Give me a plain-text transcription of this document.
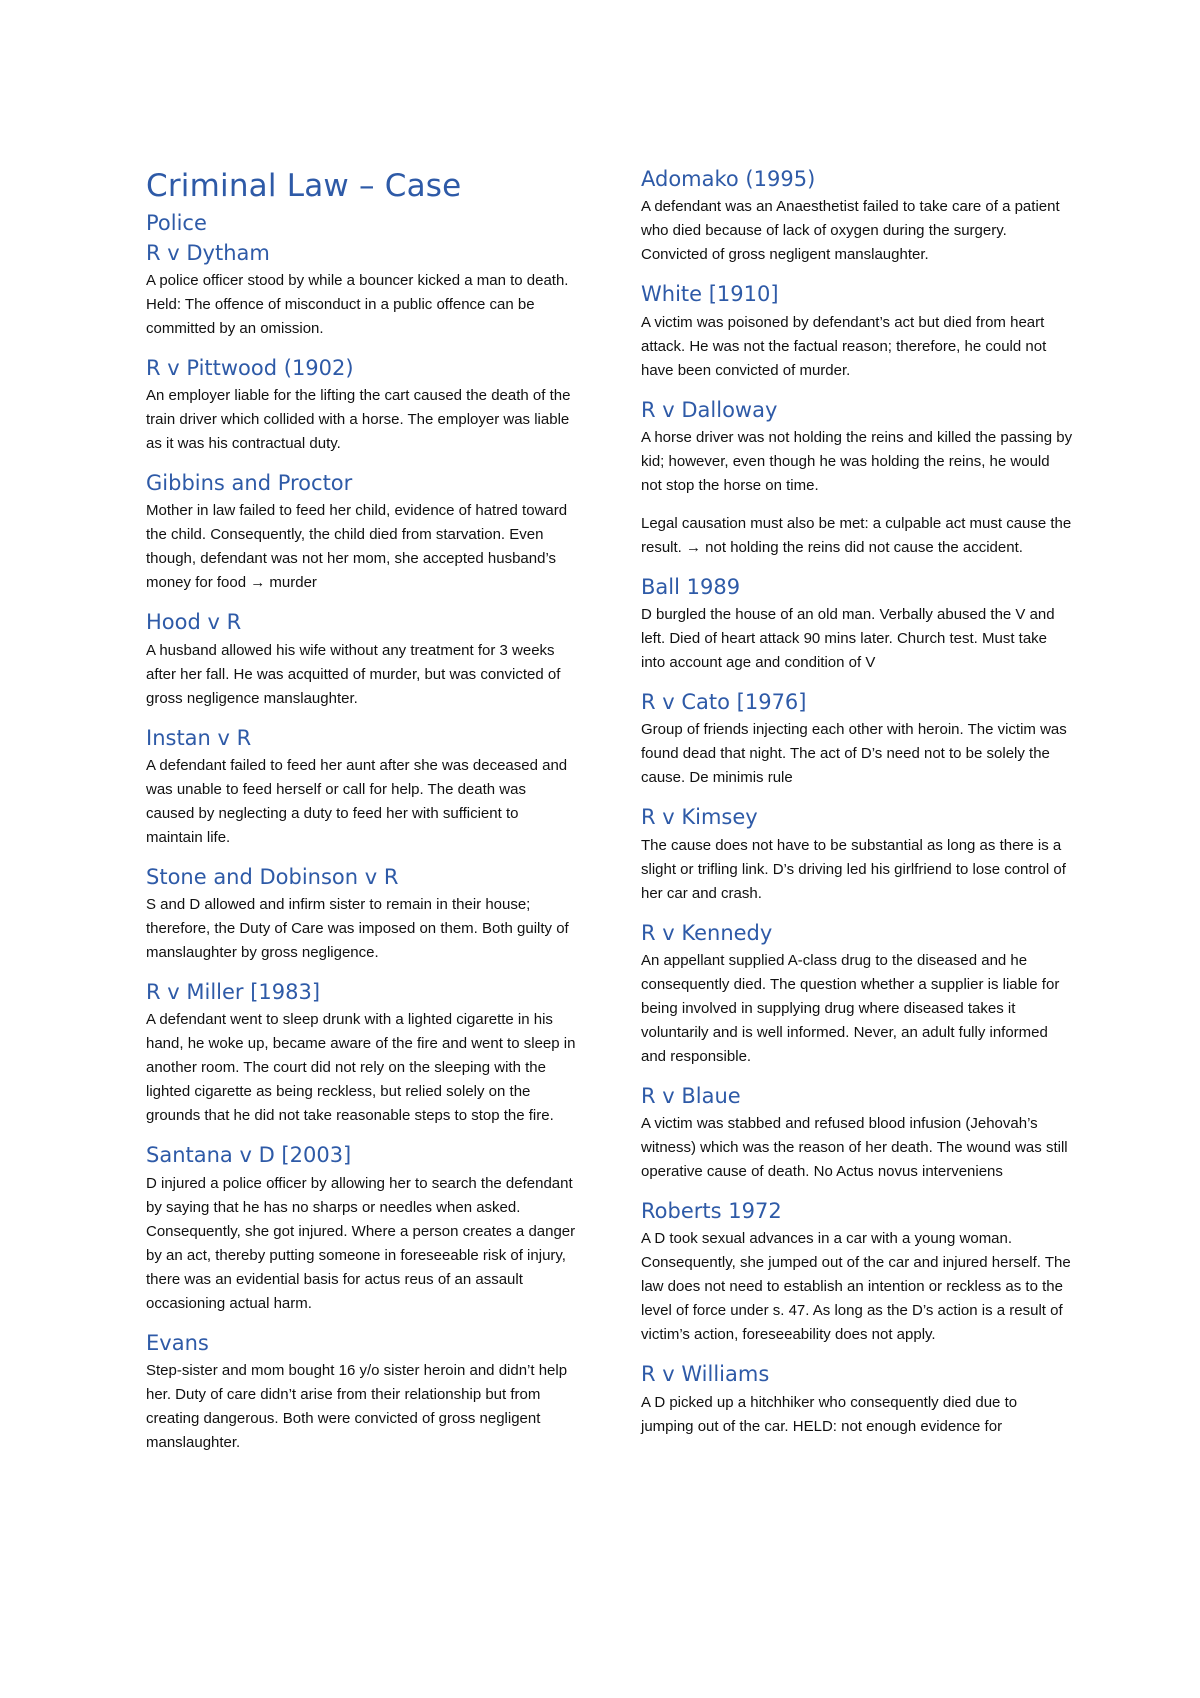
Criminal Law – Case
Police
R v Dytham

A police officer stood by while a bouncer kicked a man to death. Held: The offence of misconduct in a public offence can be committed by an omission.

R v Pittwood (1902)

An employer liable for the lifting the cart caused the death of the train driver which collided with a horse. The employer was liable as it was his contractual duty.

Gibbins and Proctor

Mother in law failed to feed her child, evidence of hatred toward the child. Consequently, the child died from starvation. Even though, defendant was not her mom, she accepted husband’s money for food → murder

Hood v R

A husband allowed his wife without any treatment for 3 weeks after her fall. He was acquitted of murder, but was convicted of gross negligence manslaughter.

Instan v R

A defendant failed to feed her aunt after she was deceased and was unable to feed herself or call for help. The death was caused by neglecting a duty to feed her with sufficient to maintain life.

Stone and Dobinson v R

S and D allowed and infirm sister to remain in their house; therefore, the Duty of Care was imposed on them. Both guilty of manslaughter by gross negligence.

R v Miller [1983]

A defendant went to sleep drunk with a lighted cigarette in his hand, he woke up, became aware of the fire and went to sleep in another room. The court did not rely on the sleeping with the lighted cigarette as being reckless, but relied solely on the grounds that he did not take reasonable steps to stop the fire.

Santana v D [2003]

D injured a police officer by allowing her to search the defendant by saying that he has no sharps or needles when asked. Consequently, she got injured. Where a person creates a danger by an act, thereby putting someone in foreseeable risk of injury, there was an evidential basis for actus reus of an assault occasioning actual harm.

Evans

Step-sister and mom bought 16 y/o sister heroin and didn’t help her. Duty of care didn’t arise from their relationship but from creating dangerous. Both were convicted of gross negligent manslaughter.

Adomako (1995)

A defendant was an Anaesthetist failed to take care of a patient who died because of lack of oxygen during the surgery. Convicted of gross negligent manslaughter.

White [1910]

A victim was poisoned by defendant’s act but died from heart attack. He was not the factual reason; therefore, he could not have been convicted of murder.

R v Dalloway

A horse driver was not holding the reins and killed the passing by kid; however, even though he was holding the reins, he would not stop the horse on time.

Legal causation must also be met: a culpable act must cause the result. → not holding the reins did not cause the accident.

Ball 1989

D burgled the house of an old man. Verbally abused the V and left. Died of heart attack 90 mins later. Church test. Must take into account age and condition of V

R v Cato [1976]

Group of friends injecting each other with heroin. The victim was found dead that night. The act of D’s need not to be solely the cause. De minimis rule

R v Kimsey

The cause does not have to be substantial as long as there is a slight or trifling link. D’s driving led his girlfriend to lose control of her car and crash.

R v Kennedy

An appellant supplied A-class drug to the diseased and he consequently died. The question whether a supplier is liable for being involved in supplying drug where diseased takes it voluntarily and is well informed. Never, an adult fully informed and responsible.

R v Blaue

A victim was stabbed and refused blood infusion (Jehovah’s witness) which was the reason of her death. The wound was still operative cause of death. No Actus novus interveniens

Roberts 1972

A D took sexual advances in a car with a young woman. Consequently, she jumped out of the car and injured herself. The law does not need to establish an intention or reckless as to the level of force under s. 47. As long as the D’s action is a result of victim’s action, foreseeability does not apply.

R v Williams

A D picked up a hitchhiker who consequently died due to jumping out of the car. HELD: not enough evidence for
